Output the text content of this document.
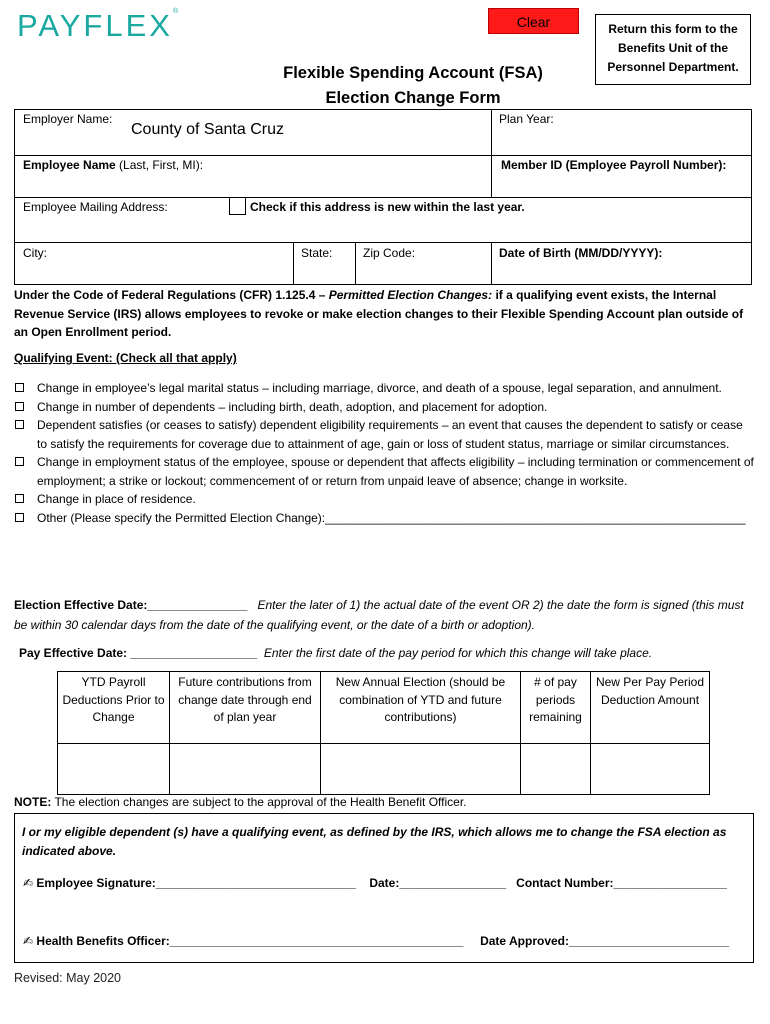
PAYFLEX®
Clear	Return this form to the
Benefits Unit of the
Personnel Department.
Flexible Spending Account (FSA)
Election Change Form
Employer Name:
County of Santa Cruz
Plan Year:
Employee Name (Last, First, MI):	Member ID (Employee Payroll Number):
Employee Mailing Address:	Check if this address is new within the last year.
City:	State:	Zip Code:	Date of Birth (MM/DD/YYYY):
Under the Code of Federal Regulations (CFR) 1.125.4 – Permitted Election Changes: if a qualifying event exists, the Internal Revenue Service (IRS) allows employees to revoke or make election changes to their Flexible Spending Account plan outside of an Open Enrollment period.
Qualifying Event: (Check all that apply)
Change in employee’s legal marital status – including marriage, divorce, and death of a spouse, legal separation, and annulment.
Change in number of dependents – including birth, death, adoption, and placement for adoption.
Dependent satisfies (or ceases to satisfy) dependent eligibility requirements – an event that causes the dependent to satisfy or cease to satisfy the requirements for coverage due to attainment of age, gain or loss of student status, marriage or similar circumstances.
Change in employment status of the employee, spouse or dependent that affects eligibility – including termination or commencement of employment; a strike or lockout; commencement of or return from unpaid leave of absence; change in worksite.
Change in place of residence.
Other (Please specify the Permitted Election Change):_______________________________________________________________
Election Effective Date:_______________ Enter the later of 1) the actual date of the event OR 2) the date the form is signed (this must be within 30 calendar days from the date of the qualifying event, or the date of a birth or adoption).
Pay Effective Date: ___________________ Enter the first date of the pay period for which this change will take place.
YTD Payroll Deductions Prior to Change	Future contributions from change date through end of plan year	New Annual Election (should be combination of YTD and future contributions)	# of pay periods remaining	New Per Pay Period Deduction Amount

NOTE: The election changes are subject to the approval of the Health Benefit Officer.
I or my eligible dependent (s) have a qualifying event, as defined by the IRS, which allows me to change the FSA election as indicated above.
✍ Employee Signature:______________________________ Date:________________ Contact Number:_________________
✍ Health Benefits Officer:____________________________________________ Date Approved:________________________
Revised: May 2020
